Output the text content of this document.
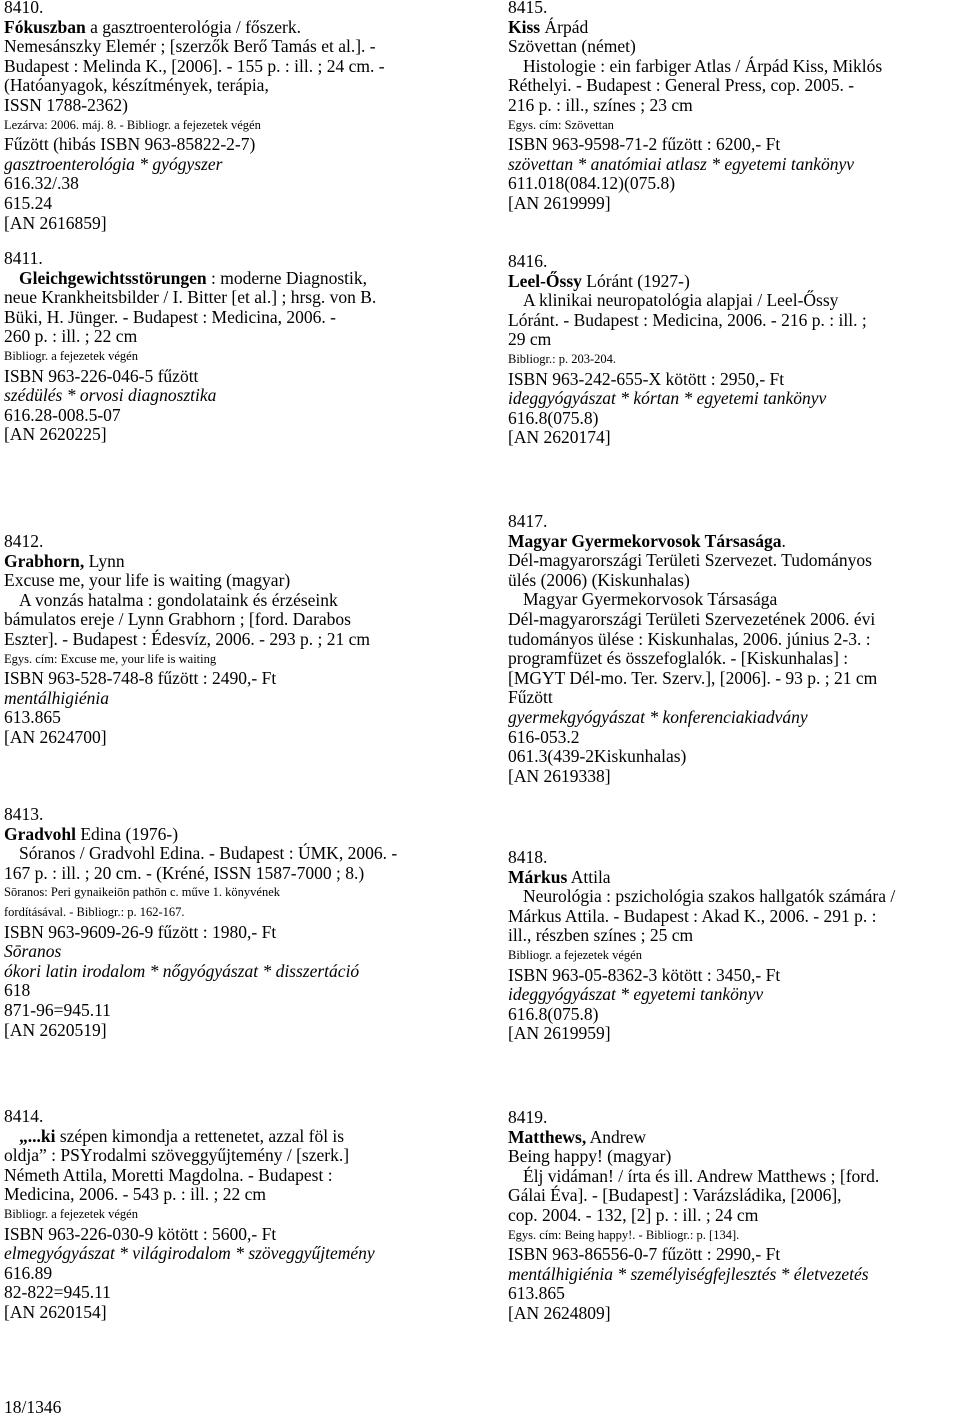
8410.
Fókuszban a gasztroenterológia / főszerk.
Nemesánszky Elemér ; [szerzők Berő Tamás et al.]. -
Budapest : Melinda K., [2006]. - 155 p. : ill. ; 24 cm. -
(Hatóanyagok, készítmények, terápia,
ISSN 1788-2362)
Lezárva: 2006. máj. 8. - Bibliogr. a fejezetek végén
Fűzött (hibás ISBN 963-85822-2-7)
gasztroenterológia * gyógyszer
616.32/.38
615.24
[AN 2616859]
8411.
Gleichgewichtsstörungen : moderne Diagnostik,
neue Krankheitsbilder / I. Bitter [et al.] ; hrsg. von B.
Büki, H. Jünger. - Budapest : Medicina, 2006. -
260 p. : ill. ; 22 cm
Bibliogr. a fejezetek végén
ISBN 963-226-046-5 fűzött
szédülés * orvosi diagnosztika
616.28-008.5-07
[AN 2620225]
8412.
Grabhorn, Lynn
Excuse me, your life is waiting (magyar)
A vonzás hatalma : gondolataink és érzéseink
bámulatos ereje / Lynn Grabhorn ; [ford. Darabos
Eszter]. - Budapest : Édesvíz, 2006. - 293 p. ; 21 cm
Egys. cím: Excuse me, your life is waiting
ISBN 963-528-748-8 fűzött : 2490,- Ft
mentálhigiénia
613.865
[AN 2624700]
8413.
Gradvohl Edina (1976-)
Sóranos / Gradvohl Edina. - Budapest : ÚMK, 2006. -
167 p. : ill. ; 20 cm. - (Kréné, ISSN 1587-7000 ; 8.)
Sōranos: Peri gynaikeiōn pathōn c. műve 1. könyvének
fordításával. - Bibliogr.: p. 162-167.
ISBN 963-9609-26-9 fűzött : 1980,- Ft
Sōranos
ókori latin irodalom * nőgyógyászat * disszertáció
618
871-96=945.11
[AN 2620519]
8414.
„...ki szépen kimondja a rettenetet, azzal föl is
oldja” : PSYrodalmi szöveggyűjtemény / [szerk.]
Németh Attila, Moretti Magdolna. - Budapest :
Medicina, 2006. - 543 p. : ill. ; 22 cm
Bibliogr. a fejezetek végén
ISBN 963-226-030-9 kötött : 5600,- Ft
elmegyógyászat * világirodalom * szöveggyűjtemény
616.89
82-822=945.11
[AN 2620154]
8415.
Kiss Árpád
Szövettan (német)
Histologie : ein farbiger Atlas / Árpád Kiss, Miklós
Réthelyi. - Budapest : General Press, cop. 2005. -
216 p. : ill., színes ; 23 cm
Egys. cím: Szövettan
ISBN 963-9598-71-2 fűzött : 6200,- Ft
szövettan * anatómiai atlasz * egyetemi tankönyv
611.018(084.12)(075.8)
[AN 2619999]
8416.
Leel-Őssy Lóránt (1927-)
A klinikai neuropatológia alapjai / Leel-Őssy
Lóránt. - Budapest : Medicina, 2006. - 216 p. : ill. ;
29 cm
Bibliogr.: p. 203-204.
ISBN 963-242-655-X kötött : 2950,- Ft
ideggyógyászat * kórtan * egyetemi tankönyv
616.8(075.8)
[AN 2620174]
8417.
Magyar Gyermekorvosok Társasága.
Dél-magyarországi Területi Szervezet. Tudományos
ülés (2006) (Kiskunhalas)
Magyar Gyermekorvosok Társasága
Dél-magyarországi Területi Szervezetének 2006. évi
tudományos ülése : Kiskunhalas, 2006. június 2-3. :
programfüzet és összefoglalók. - [Kiskunhalas] :
[MGYT Dél-mo. Ter. Szerv.], [2006]. - 93 p. ; 21 cm
Fűzött
gyermekgyógyászat * konferenciakiadvány
616-053.2
061.3(439-2Kiskunhalas)
[AN 2619338]
8418.
Márkus Attila
Neurológia : pszichológia szakos hallgatók számára /
Márkus Attila. - Budapest : Akad K., 2006. - 291 p. :
ill., részben színes ; 25 cm
Bibliogr. a fejezetek végén
ISBN 963-05-8362-3 kötött : 3450,- Ft
ideggyógyászat * egyetemi tankönyv
616.8(075.8)
[AN 2619959]
8419.
Matthews, Andrew
Being happy! (magyar)
Élj vidáman! / írta és ill. Andrew Matthews ; [ford.
Gálai Éva]. - [Budapest] : Varázsládika, [2006],
cop. 2004. - 132, [2] p. : ill. ; 24 cm
Egys. cím: Being happy!. - Bibliogr.: p. [134].
ISBN 963-86556-0-7 fűzött : 2990,- Ft
mentálhigiénia * személyiségfejlesztés * életvezetés
613.865
[AN 2624809]
18/1346
